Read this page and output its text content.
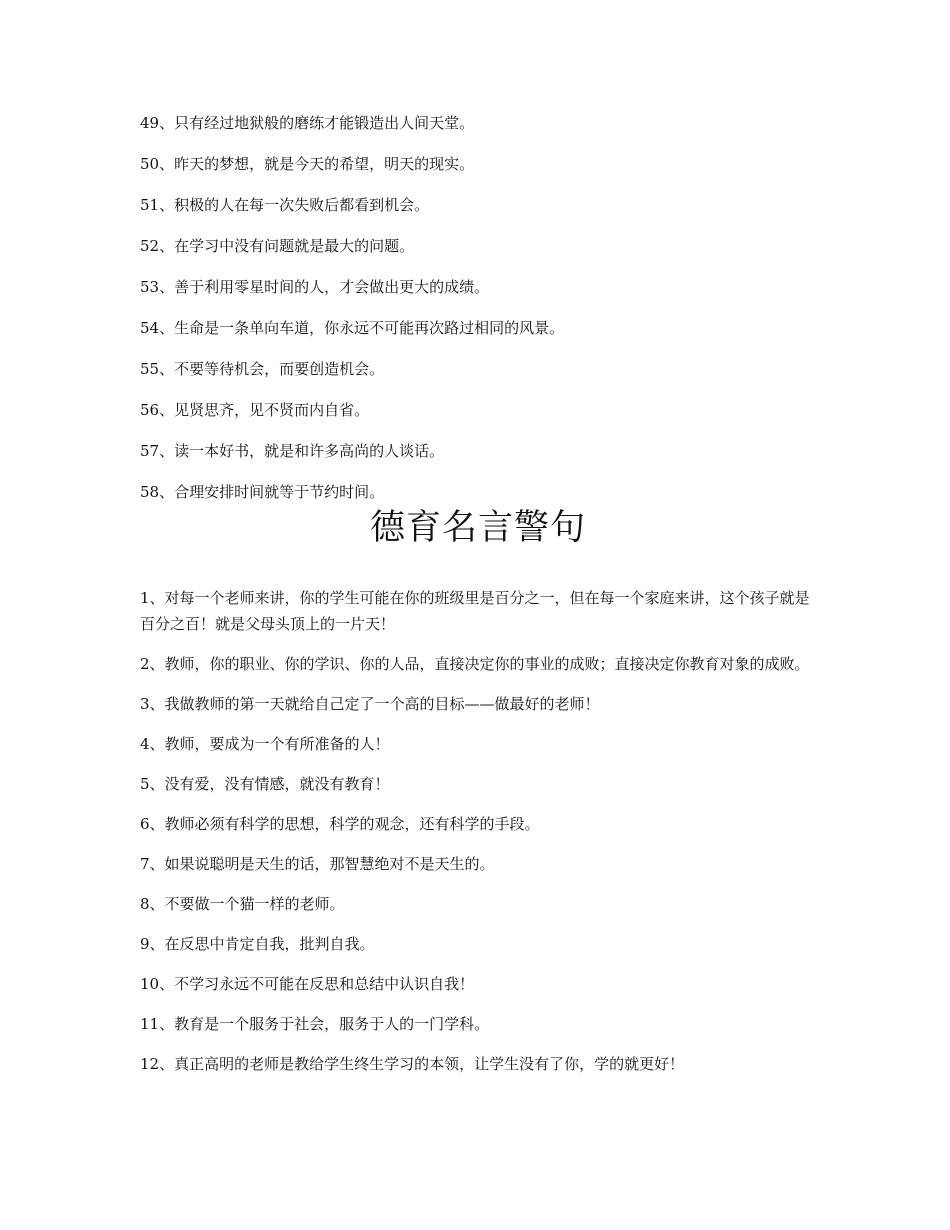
49、只有经过地狱般的磨练才能锻造出人间天堂。

50、昨天的梦想，就是今天的希望，明天的现实。

51、积极的人在每一次失败后都看到机会。

52、在学习中没有问题就是最大的问题。

53、善于利用零星时间的人，才会做出更大的成绩。

54、生命是一条单向车道，你永远不可能再次路过相同的风景。

55、不要等待机会，而要创造机会。

56、见贤思齐，见不贤而内自省。

57、读一本好书，就是和许多高尚的人谈话。

58、合理安排时间就等于节约时间。

德育名言警句

1、对每一个老师来讲，你的学生可能在你的班级里是百分之一，但在每一个家庭来讲，这个孩子就是百分之百！就是父母头顶上的一片天！

2、教师，你的职业、你的学识、你的人品，直接决定你的事业的成败；直接决定你教育对象的成败。

3、我做教师的第一天就给自己定了一个高的目标——做最好的老师！

4、教师，要成为一个有所准备的人！

5、没有爱，没有情感，就没有教育！

6、教师必须有科学的思想，科学的观念，还有科学的手段。

7、如果说聪明是天生的话，那智慧绝对不是天生的。

8、不要做一个猫一样的老师。

9、在反思中肯定自我，批判自我。

10、不学习永远不可能在反思和总结中认识自我！

11、教育是一个服务于社会，服务于人的一门学科。

12、真正高明的老师是教给学生终生学习的本领，让学生没有了你，学的就更好！
